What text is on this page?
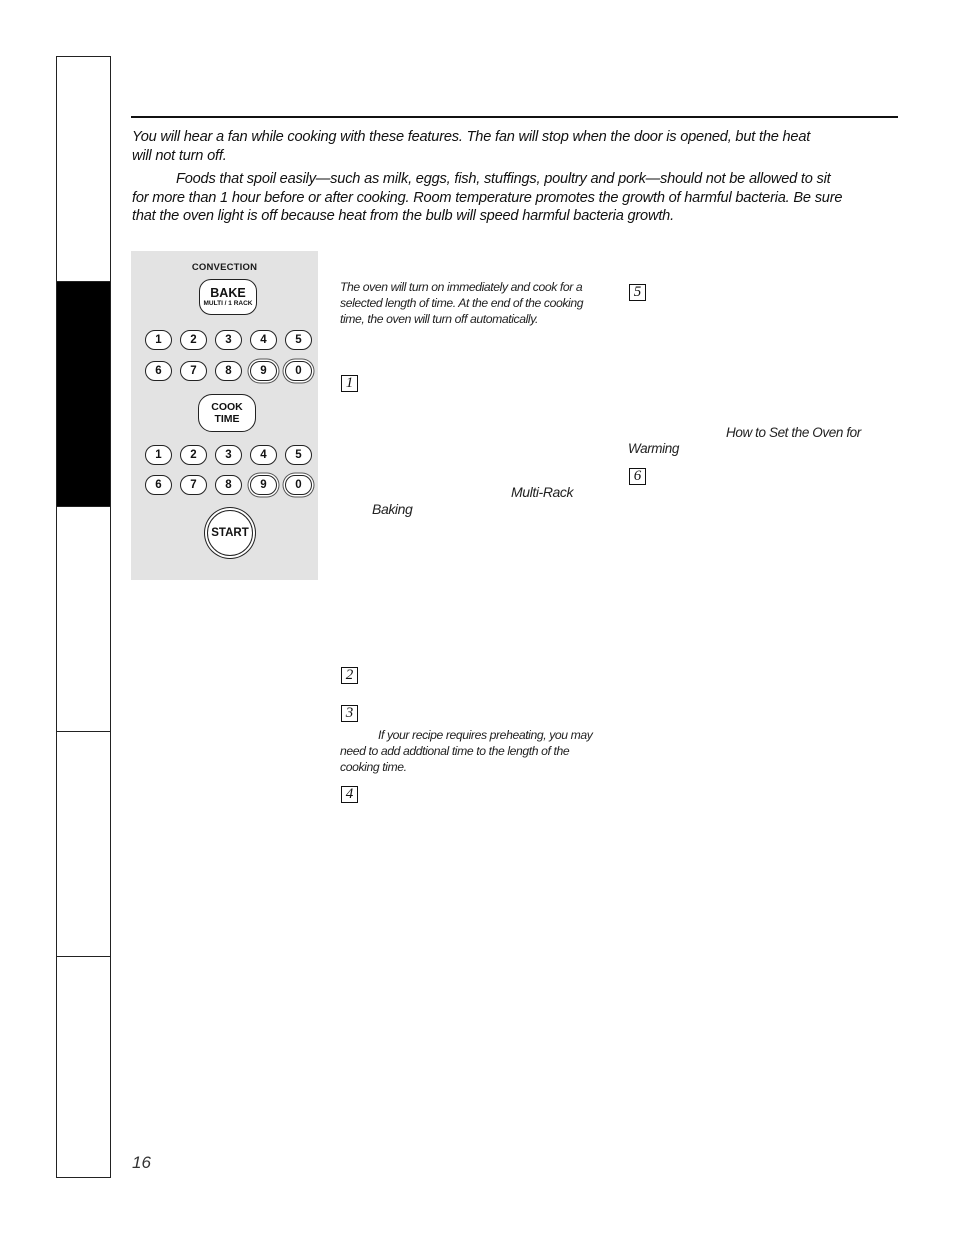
You will hear a fan while cooking with these features. The fan will stop when the door is opened, but the heat
will not turn off.
Foods that spoil easily—such as milk, eggs, fish, stuffings, poultry and pork—should not be allowed to sit
for more than 1 hour before or after cooking. Room temperature promotes the growth of harmful bacteria. Be sure
that the oven light is off because heat from the bulb will speed harmful bacteria growth.
CONVECTION
BAKE
MULTI / 1 RACK
1	2	3	4	5
6	7	8	9	0
COOK
TIME
1	2	3	4	5
6	7	8	9	0
START
The oven will turn on immediately and cook for a
selected length of time. At the end of the cooking
time, the oven will turn off automatically.
1
Multi-Rack
Baking
2
3
If your recipe requires preheating, you may
need to add addtional time to the length of the
cooking time.
4
5
How to Set the Oven for
Warming
6
16
